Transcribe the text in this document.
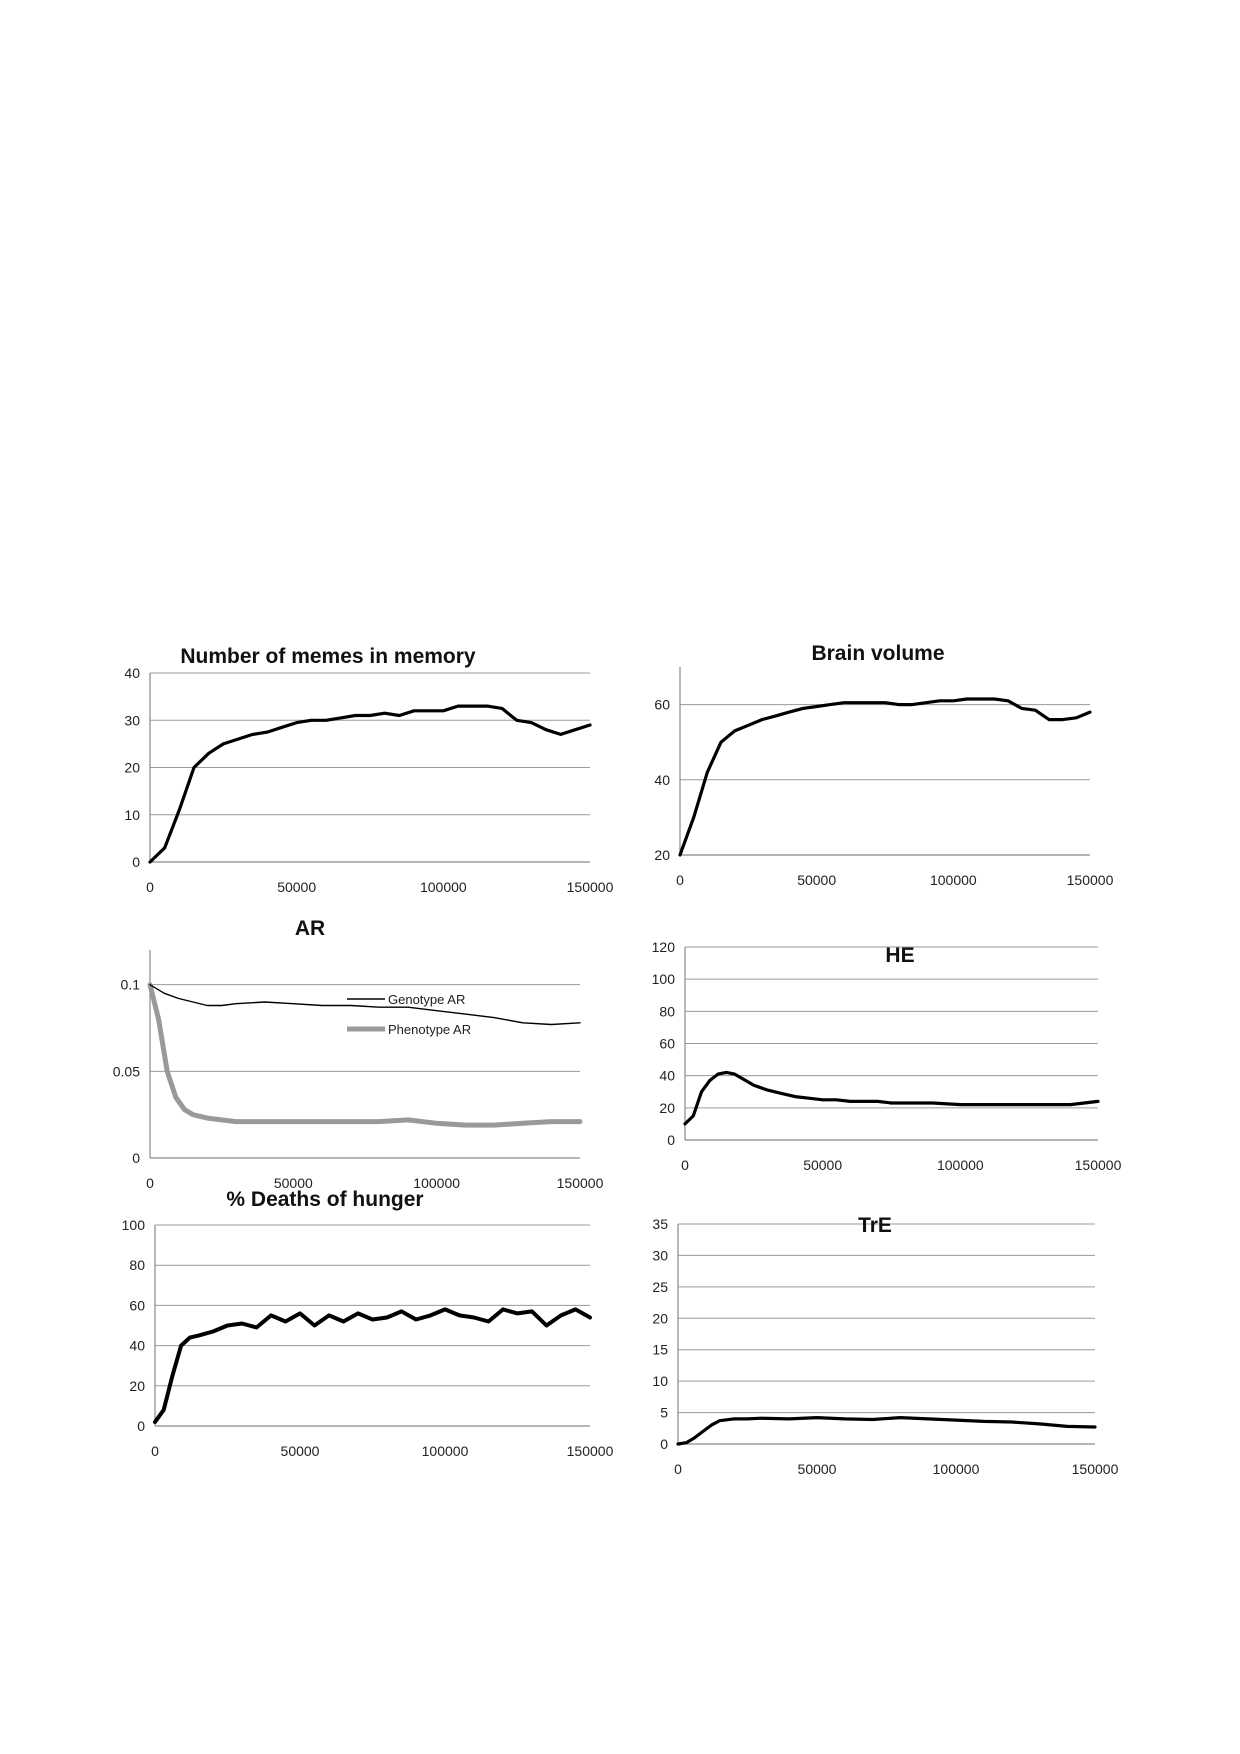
0
10
20
30
40
0	50000	100000	150000
Number of memes in memory
20
40
60
0	50000	100000	150000
Brain volume
0
0.05
0.1
0	50000	100000	150000
AR
Genotype AR
Phenotype AR
0
20
40
60
80
100
120
0	50000	100000	150000
HE
0
20
40
60
80
100
0	50000	100000	150000
% Deaths of hunger
0
5
10
15
20
25
30
35
0	50000	100000	150000
TrE
